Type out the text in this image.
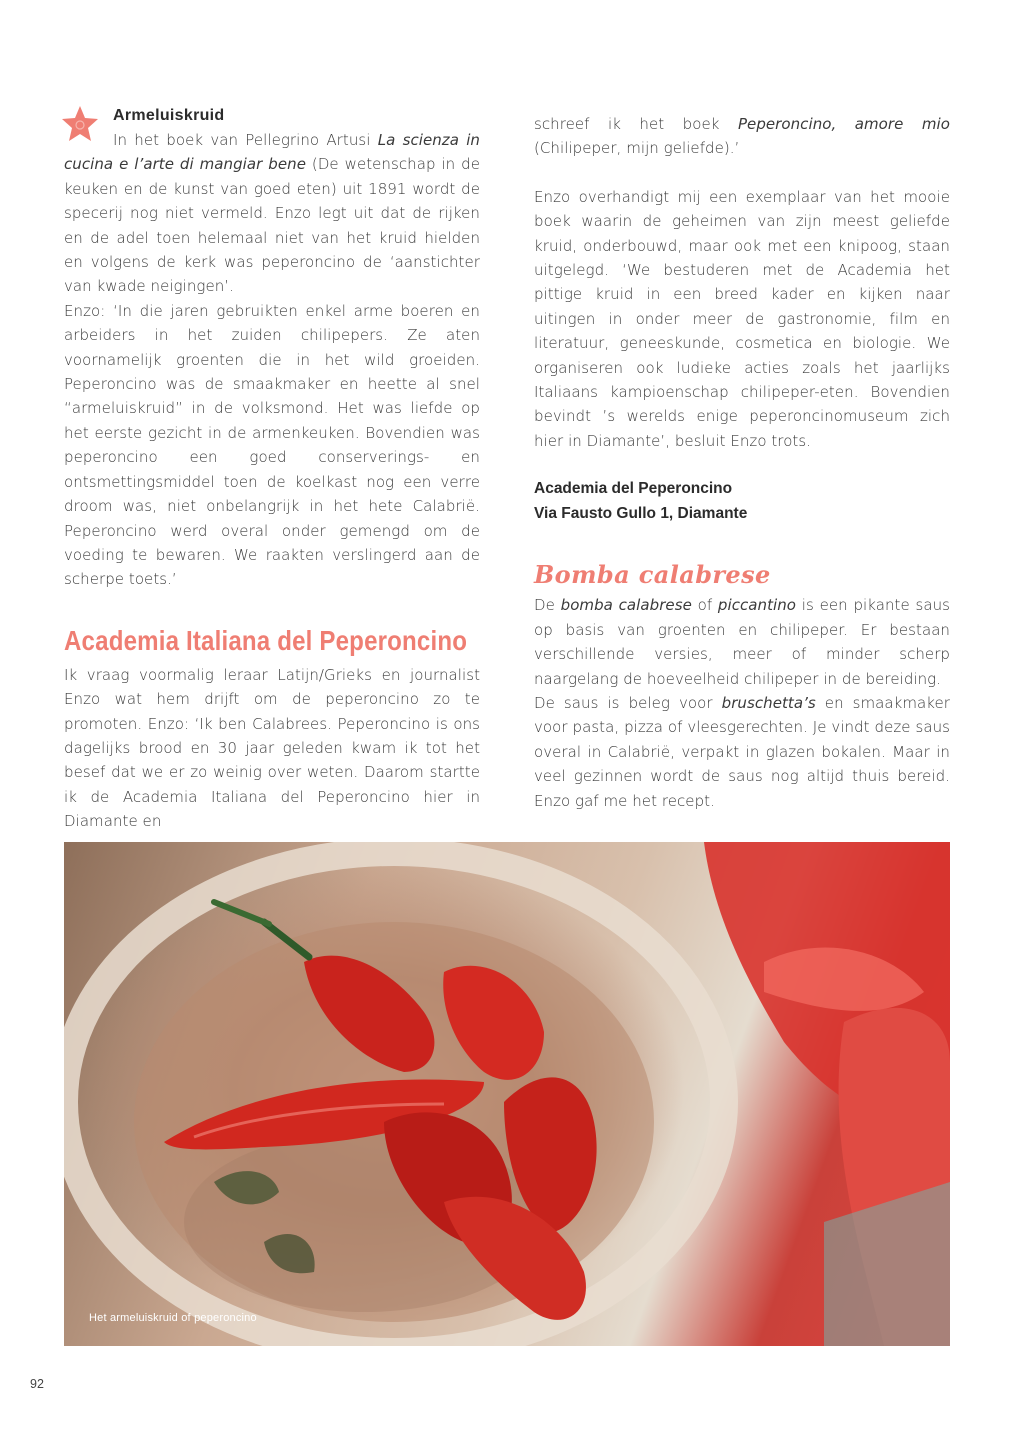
Armeluiskruid

In het boek van Pellegrino Artusi La scienza in cucina e l’arte di mangiar bene (De wetenschap in de keuken en de kunst van goed eten) uit 1891 wordt de specerij nog niet vermeld. Enzo legt uit dat de rijken en de adel toen helemaal niet van het kruid hielden en volgens de kerk was peperoncino de ‘aanstichter van kwade neigingen’.

Enzo: ‘In die jaren gebruikten enkel arme boeren en arbeiders in het zuiden chilipepers. Ze aten voornamelijk groenten die in het wild groeiden. Peperoncino was de smaakmaker en heette al snel “armeluiskruid” in de volksmond. Het was liefde op het eerste gezicht in de armenkeuken. Bovendien was peperoncino een goed conserverings- en ontsmettingsmiddel toen de koelkast nog een verre droom was, niet onbelangrijk in het hete Calabrië. Peperoncino werd overal onder gemengd om de voeding te bewaren. We raakten verslingerd aan de scherpe toets.’

Academia Italiana del Peperoncino

Ik vraag voormalig leraar Latijn/Grieks en journalist Enzo wat hem drijft om de peperoncino zo te promoten. Enzo: ‘Ik ben Calabrees. Peperoncino is ons dagelijks brood en 30 jaar geleden kwam ik tot het besef dat we er zo weinig over weten. Daarom startte ik de Academia Italiana del Peperoncino hier in Diamante en

schreef ik het boek Peperoncino, amore mio (Chilipeper, mijn geliefde).’

Enzo overhandigt mij een exemplaar van het mooie boek waarin de geheimen van zijn meest geliefde kruid, onderbouwd, maar ook met een knipoog, staan uitgelegd. ‘We bestuderen met de Academia het pittige kruid in een breed kader en kijken naar uitingen in onder meer de gastronomie, film en literatuur, geneeskunde, cosmetica en biologie. We organiseren ook ludieke acties zoals het jaarlijks Italiaans kampioenschap chilipeper-eten. Bovendien bevindt ’s werelds enige peperoncinomuseum zich hier in Diamante’, besluit Enzo trots.

Academia del Peperoncino
Via Fausto Gullo 1, Diamante
Bomba calabrese

De bomba calabrese of piccantino is een pikante saus op basis van groenten en chilipeper. Er bestaan verschillende versies, meer of minder scherp naargelang de hoeveelheid chilipeper in de bereiding.

De saus is beleg voor bruschetta’s en smaakmaker voor pasta, pizza of vleesgerechten. Je vindt deze saus overal in Calabrië, verpakt in glazen bokalen. Maar in veel gezinnen wordt de saus nog altijd thuis bereid. Enzo gaf me het recept.

Het armeluiskruid of peperoncino
92
